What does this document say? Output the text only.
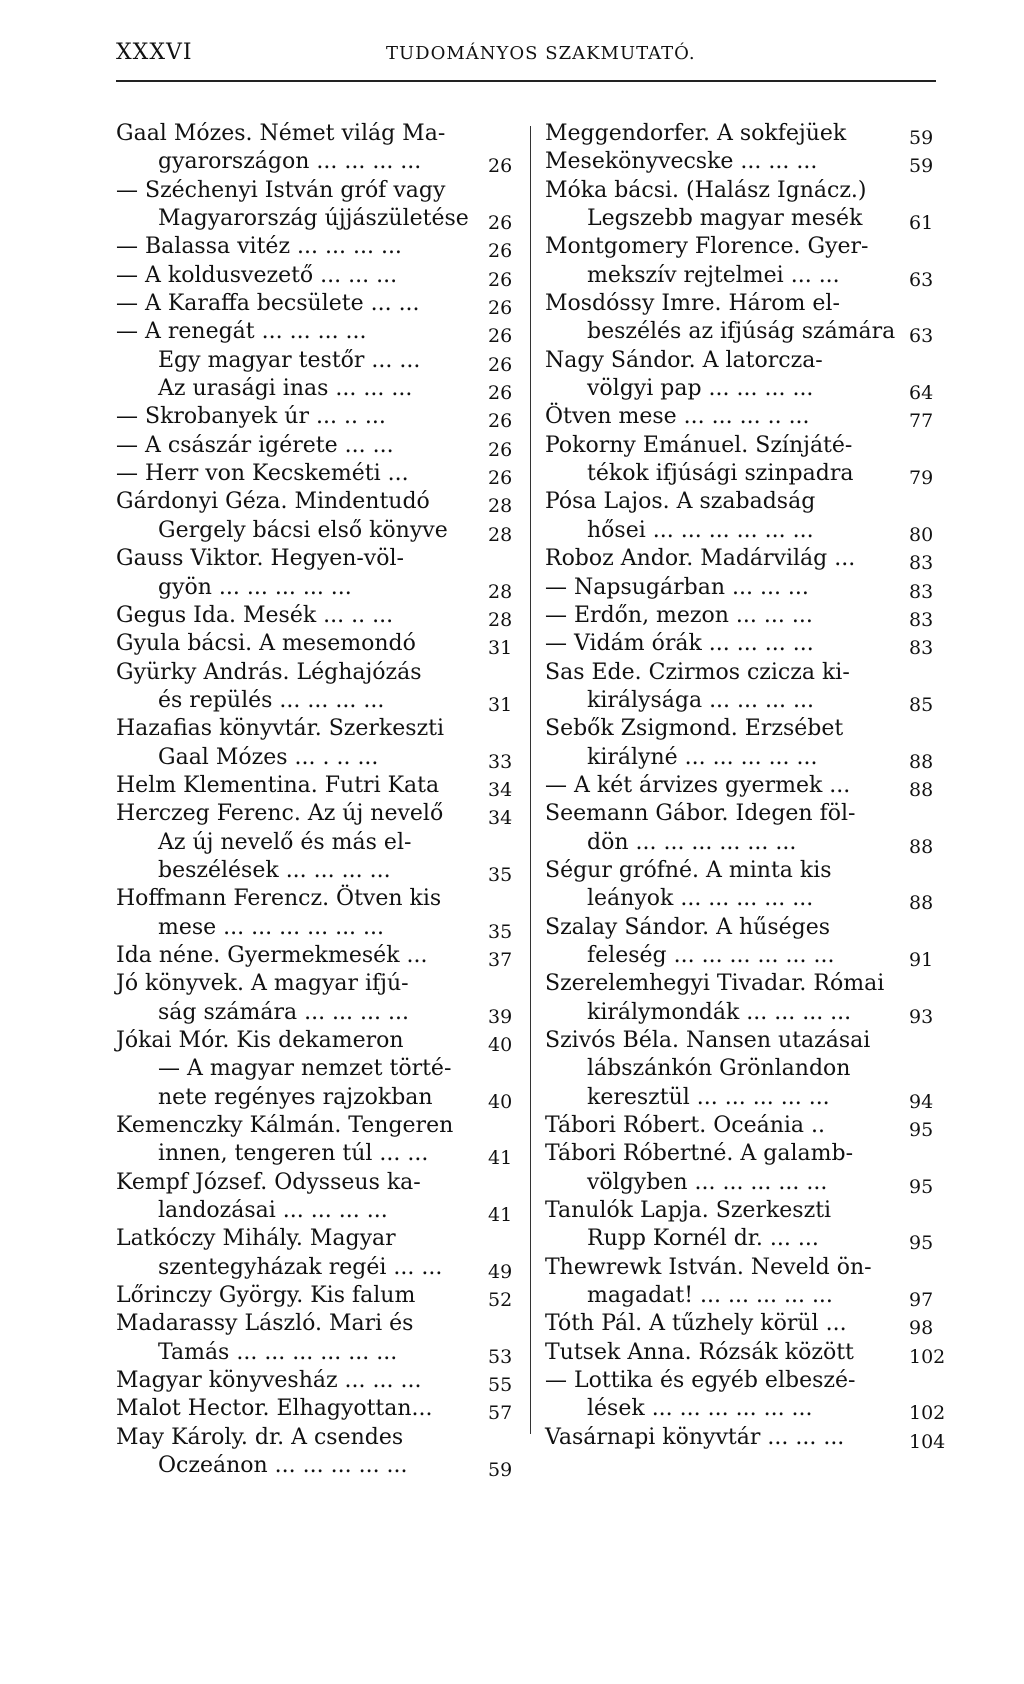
XXXVI	TUDOMÁNYOS SZAKMUTATÓ.
Gaal Mózes. Német világ Ma-
gyarországon ... ... ... ...	26
— Széchenyi István gróf vagy
Magyarország újjászületése 26
— Balassa vitéz ... ... ... ...	26
— A koldusvezető ... ... ...	26
— A Karaffa becsülete ... ...	26
— A renegát ... ... ... ...	26
Egy magyar testőr ... ...	26
Az urasági inas ... ... ...	26
— Skrobanyek úr ... .. ...	26
— A császár igérete ... ...	26
— Herr von Kecskeméti ...	26
Gárdonyi Géza. Mindentudó	28
Gergely bácsi első könyve 28
Gauss Viktor. Hegyen-völ-
gyön ... ... ... ... ...	28
Gegus Ida. Mesék ... .. ...	28
Gyula bácsi. A mesemondó	31
Gyürky András. Léghajózás
és repülés ... ... ... ...	31
Hazafias könyvtár. Szerkeszti
Gaal Mózes ... . .. ...	33
Helm Klementina. Futri Kata	34
Herczeg Ferenc. Az új nevelő 34
Az új nevelő és más el-
beszélések ... ... ... ...	35
Hoffmann Ferencz. Ötven kis
mese ... ... ... ... ... ...	35
Ida néne. Gyermekmesék ...	37
Jó könyvek. A magyar ifjú-
ság számára ... ... ... ...	39
Jókai Mór. Kis dekameron	40
— A magyar nemzet törté-
nete regényes rajzokban	40
Kemenczky Kálmán. Tengeren
innen, tengeren túl ... ...	41
Kempf József. Odysseus ka-
landozásai ... ... ... ...	41
Latkóczy Mihály. Magyar
szentegyházak regéi ... ... 49
Lőrinczy György. Kis falum	52
Madarassy László. Mari és
Tamás ... ... ... ... ... ...	53
Magyar könyvesház ... ... ...	55
Malot Hector. Elhagyottan...	57
May Károly. dr. A csendes
Oczeánon ... ... ... ... ...	59
Meggendorfer. A sokfejüek	59
Mesekönyvecske ... ... ...	59
Móka bácsi. (Halász Ignácz.)
Legszebb magyar mesék 61
Montgomery Florence. Gyer-
mekszív rejtelmei ... ...	63
Mosdóssy Imre. Három el-
beszélés az ifjúság számára 63
Nagy Sándor. A latorcza-
völgyi pap ... ... ... ...	64
Ötven mese ... ... ... .. ...	77
Pokorny Emánuel. Színjáté-
tékok ifjúsági szinpadra	79
Pósa Lajos. A szabadság
hősei ... ... ... ... ... ...	80
Roboz Andor. Madárvilág ...	83
— Napsugárban ... ... ...	83
— Erdőn, mezon ... ... ...	83
— Vidám órák ... ... ... ...	83
Sas Ede. Czirmos czicza ki-
királysága ... ... ... ...	85
Sebők Zsigmond. Erzsébet
királyné ... ... ... ... ...	88
— A két árvizes gyermek ...	88
Seemann Gábor. Idegen föl-
dön ... ... ... ... ... ...	88
Ségur grófné. A minta kis
leányok ... ... ... ... ...	88
Szalay Sándor. A hűséges
feleség ... ... ... ... ... ...	91
Szerelemhegyi Tivadar. Római
királymondák ... ... ... ...	93
Szivós Béla. Nansen utazásai
lábszánkón Grönlandon
keresztül ... ... ... ... ...	94
Tábori Róbert. Oceánia ..	95
Tábori Róbertné. A galamb-
völgyben ... ... ... ... ...	95
Tanulók Lapja. Szerkeszti
Rupp Kornél dr. ... ...	95
Thewrewk István. Neveld ön-
magadat! ... ... ... ... ...	97
Tóth Pál. A tűzhely körül ...	98
Tutsek Anna. Rózsák között	102
— Lottika és egyéb elbeszé-
lések ... ... ... ... ... ...	102
Vasárnapi könyvtár ... ... ...	104
